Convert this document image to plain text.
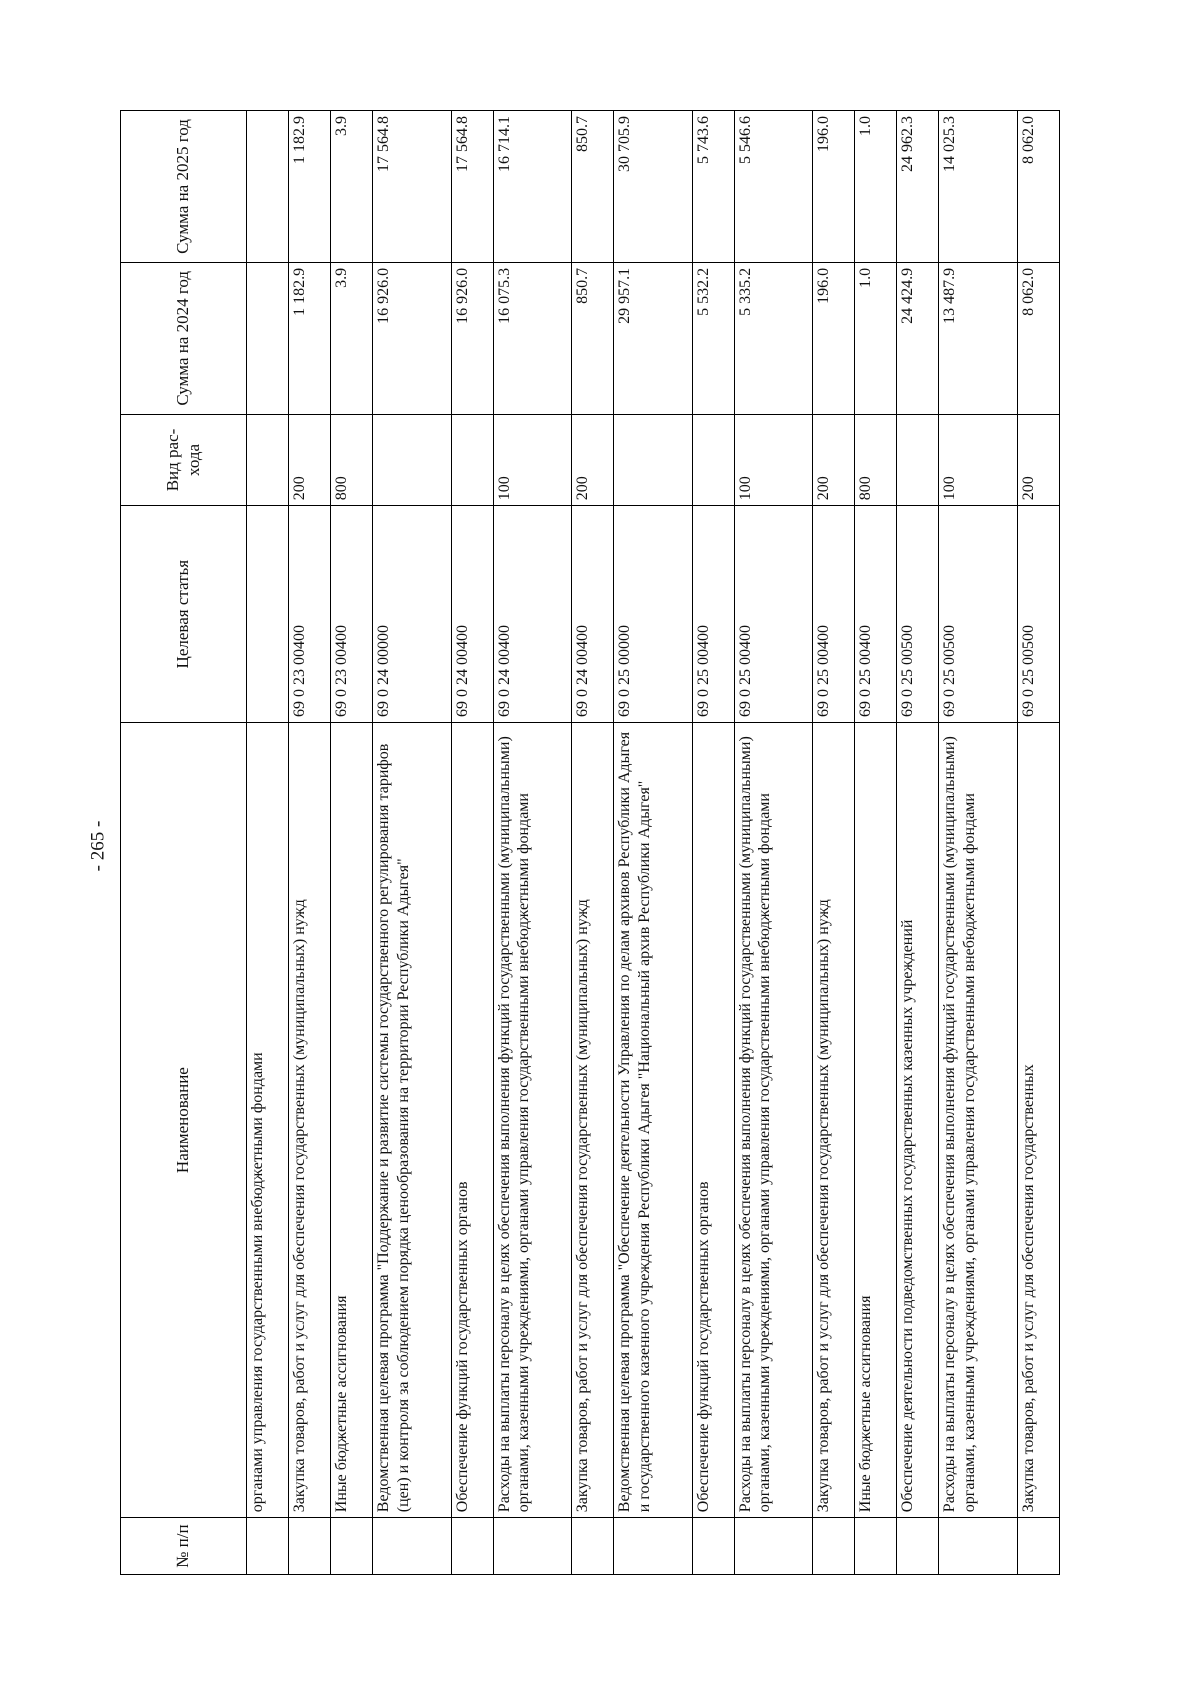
- 265 -
№ п/п	Наименование	Целевая статья	Вид рас-хода	Сумма на 2024 год	Сумма на 2025 год
	органами управления государственными внебюджетными фондами				
	Закупка товаров, работ и услуг для обеспечения государственных (муниципальных) нужд	69 0 23 00400	200	1 182.9	1 182.9
	Иные бюджетные ассигнования	69 0 23 00400	800	3.9	3.9
	Ведомственная целевая программа "Поддержание и развитие системы государственного регулирования тарифов (цен) и контроля за соблюдением порядка ценообразования на территории Республики Адыгея"	69 0 24 00000		16 926.0	17 564.8
	Обеспечение функций государственных органов	69 0 24 00400		16 926.0	17 564.8
	Расходы на выплаты персоналу в целях обеспечения выполнения функций государственными (муниципальными) органами, казенными учреждениями, органами управления государственными внебюджетными фондами	69 0 24 00400	100	16 075.3	16 714.1
	Закупка товаров, работ и услуг для обеспечения государственных (муниципальных) нужд	69 0 24 00400	200	850.7	850.7
	Ведомственная целевая программа "Обеспечение деятельности Управления по делам архивов Республики Адыгея и государственного казенного учреждения Республики Адыгея "Национальный архив Республики Адыгея"	69 0 25 00000		29 957.1	30 705.9
	Обеспечение функций государственных органов	69 0 25 00400		5 532.2	5 743.6
	Расходы на выплаты персоналу в целях обеспечения выполнения функций государственными (муниципальными) органами, казенными учреждениями, органами управления государственными внебюджетными фондами	69 0 25 00400	100	5 335.2	5 546.6
	Закупка товаров, работ и услуг для обеспечения государственных (муниципальных) нужд	69 0 25 00400	200	196.0	196.0
	Иные бюджетные ассигнования	69 0 25 00400	800	1.0	1.0
	Обеспечение деятельности подведомственных государственных казенных учреждений	69 0 25 00500		24 424.9	24 962.3
	Расходы на выплаты персоналу в целях обеспечения выполнения функций государственными (муниципальными) органами, казенными учреждениями, органами управления государственными внебюджетными фондами	69 0 25 00500	100	13 487.9	14 025.3
	Закупка товаров, работ и услуг для обеспечения государственных	69 0 25 00500	200	8 062.0	8 062.0
